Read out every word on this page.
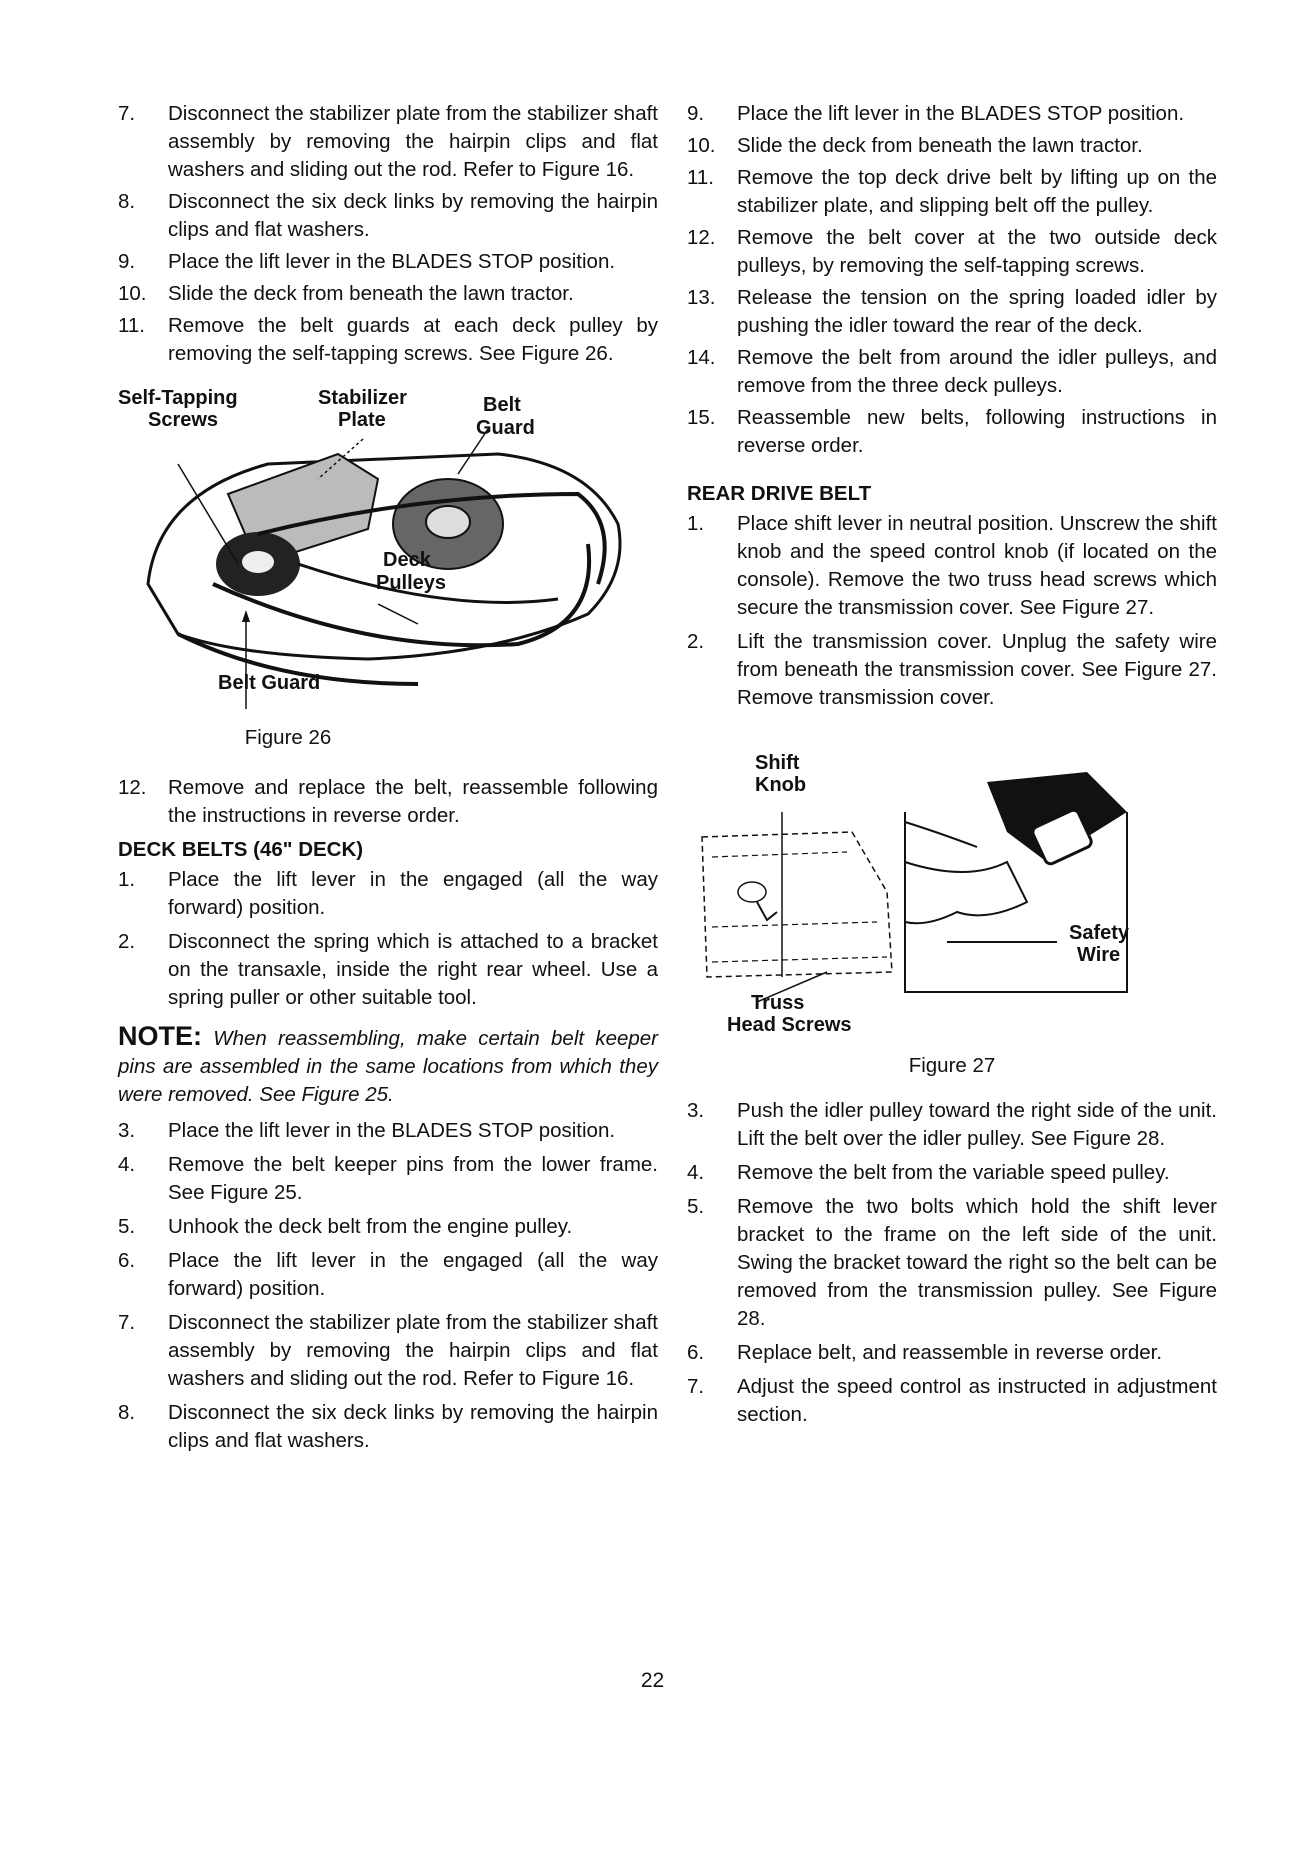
7.	Disconnect the stabilizer plate from the stabilizer shaft assembly by removing the hairpin clips and flat washers and sliding out the rod. Refer to Figure 16.
8.	Disconnect the six deck links by removing the hairpin clips and flat washers.
9.	Place the lift lever in the BLADES STOP position.
10.	Slide the deck from beneath the lawn tractor.
11.	Remove the belt guards at each deck pulley by removing the self-tapping screws. See Figure 26.
Self-Tapping
Screws
Stabilizer
Plate
Belt
Guard
Deck
Pulleys
Belt Guard
Figure 26
12.	Remove and replace the belt, reassemble following the instructions in reverse order.
DECK BELTS (46" DECK)
1.	Place the lift lever in the engaged (all the way forward) position.
2.	Disconnect the spring which is attached to a bracket on the transaxle, inside the right rear wheel. Use a spring puller or other suitable tool.
NOTE: When reassembling, make certain belt keeper pins are assembled in the same locations from which they were removed. See Figure 25.
3.	Place the lift lever in the BLADES STOP position.
4.	Remove the belt keeper pins from the lower frame. See Figure 25.
5.	Unhook the deck belt from the engine pulley.
6.	Place the lift lever in the engaged (all the way forward) position.
7.	Disconnect the stabilizer plate from the stabilizer shaft assembly by removing the hairpin clips and flat washers and sliding out the rod. Refer to Figure 16.
8.	Disconnect the six deck links by removing the hairpin clips and flat washers.
9.	Place the lift lever in the BLADES STOP position.
10.	Slide the deck from beneath the lawn tractor.
11.	Remove the top deck drive belt by lifting up on the stabilizer plate, and slipping belt off the pulley.
12.	Remove the belt cover at the two outside deck pulleys, by removing the self-tapping screws.
13.	Release the tension on the spring loaded idler by pushing the idler toward the rear of the deck.
14.	Remove the belt from around the idler pulleys, and remove from the three deck pulleys.
15.	Reassemble new belts, following instructions in reverse order.
REAR DRIVE BELT
1.	Place shift lever in neutral position. Unscrew the shift knob and the speed control knob (if located on the console). Remove the two truss head screws which secure the transmission cover. See Figure 27.
2.	Lift the transmission cover. Unplug the safety wire from beneath the transmission cover. See Figure 27. Remove transmission cover.
Shift
Knob
Truss
Head Screws
Safety
Wire
Figure 27
3.	Push the idler pulley toward the right side of the unit. Lift the belt over the idler pulley. See Figure 28.
4.	Remove the belt from the variable speed pulley.
5.	Remove the two bolts which hold the shift lever bracket to the frame on the left side of the unit. Swing the bracket toward the right so the belt can be removed from the transmission pulley. See Figure 28.
6.	Replace belt, and reassemble in reverse order.
7.	Adjust the speed control as instructed in adjustment section.
22
